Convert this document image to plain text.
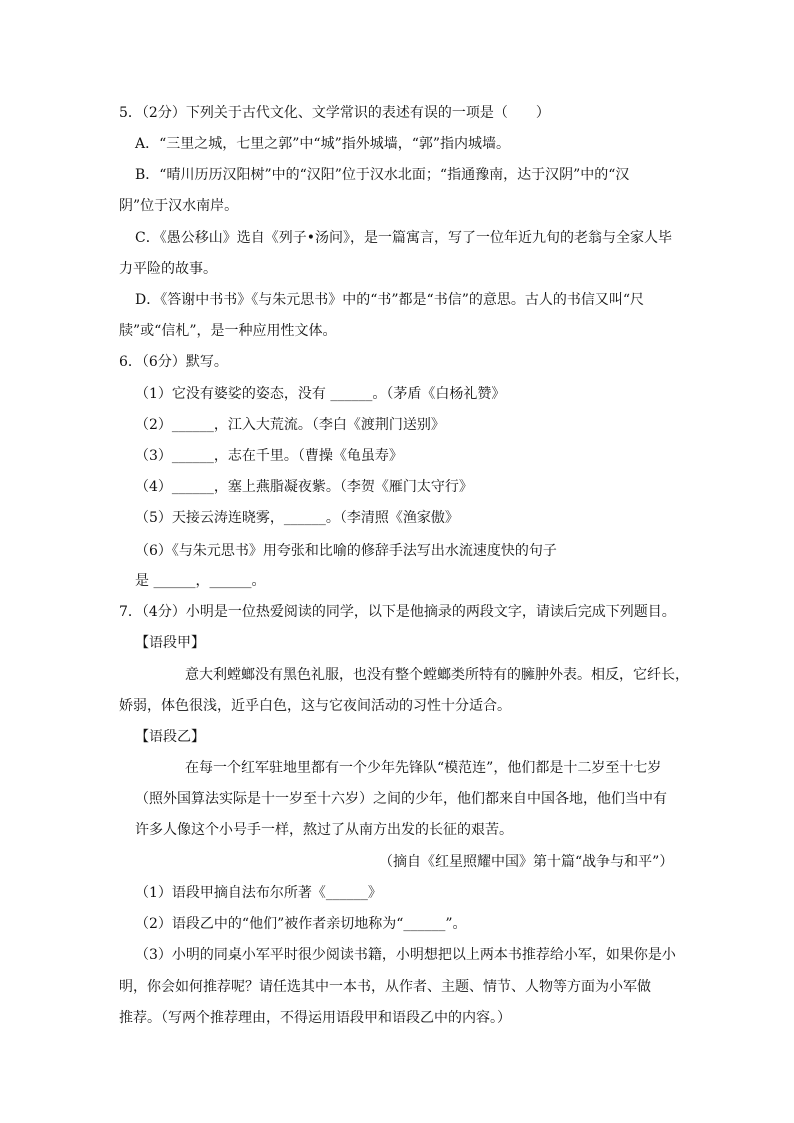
5．（2分）下列关于古代文化、文学常识的表述有误的一项是（　　）
A．“三里之城，七里之郭”中“城”指外城墙，“郭”指内城墙。
B．“晴川历历汉阳树”中的“汉阳”位于汉水北面；“指通豫南，达于汉阴”中的“汉
阴”位于汉水南岸。
C．《愚公移山》选自《列子•汤问》，是一篇寓言，写了一位年近九旬的老翁与全家人毕
力平险的故事。
D．《答谢中书书》《与朱元思书》中的“书”都是“书信”的意思。古人的书信又叫“尺
牍”或“信札”，是一种应用性文体。
6．（6分）默写。
（1）它没有婆娑的姿态，没有 ______。（茅盾《白杨礼赞》
（2）______，江入大荒流。（李白《渡荆门送别》
（3）______，志在千里。（曹操《龟虽寿》
（4）______，塞上燕脂凝夜紫。（李贺《雁门太守行》
（5）天接云涛连晓雾，______。（李清照《渔家傲》
（6）《与朱元思书》用夸张和比喻的修辞手法写出水流速度快的句子
是 ______，______。
7．（4分）小明是一位热爱阅读的同学，以下是他摘录的两段文字，请读后完成下列题目。
【语段甲】
意大利螳螂没有黑色礼服，也没有整个螳螂类所特有的臃肿外表。相反，它纤长，
娇弱，体色很浅，近乎白色，这与它夜间活动的习性十分适合。
【语段乙】
在每一个红军驻地里都有一个少年先锋队“模范连”，他们都是十二岁至十七岁
（照外国算法实际是十一岁至十六岁）之间的少年，他们都来自中国各地，他们当中有
许多人像这个小号手一样，熬过了从南方出发的长征的艰苦。
（摘自《红星照耀中国》第十篇“战争与和平”）
（1）语段甲摘自法布尔所著《______》
（2）语段乙中的“他们”被作者亲切地称为“______”。
（3）小明的同桌小军平时很少阅读书籍，小明想把以上两本书推荐给小军，如果你是小
明，你会如何推荐呢？请任选其中一本书，从作者、主题、情节、人物等方面为小军做
推荐。（写两个推荐理由，不得运用语段甲和语段乙中的内容。）
